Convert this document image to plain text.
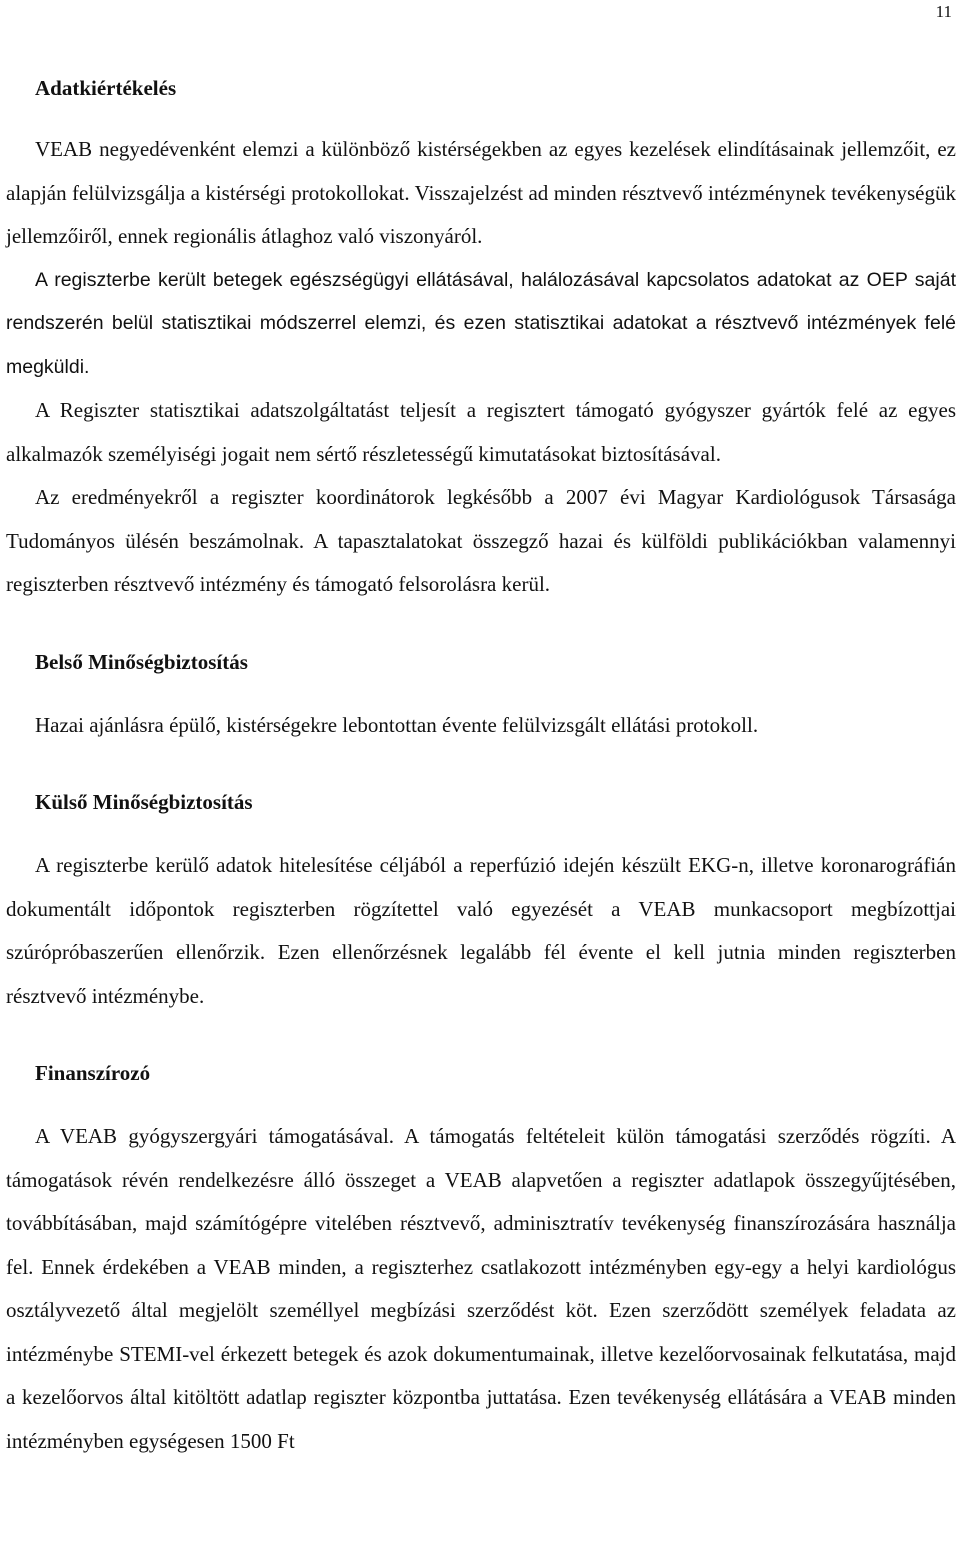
11
Adatkiértékelés

VEAB negyedévenként elemzi a különböző kistérségekben az egyes kezelések elindításainak jellemzőit, ez alapján felülvizsgálja a kistérségi protokollokat. Visszajelzést ad minden résztvevő intézménynek tevékenységük jellemzőiről, ennek regionális átlaghoz való viszonyáról.

A regiszterbe került betegek egészségügyi ellátásával, halálozásával kapcsolatos adatokat az OEP saját rendszerén belül statisztikai módszerrel elemzi, és ezen statisztikai adatokat a résztvevő intézmények felé megküldi.

A Regiszter statisztikai adatszolgáltatást teljesít a regisztert támogató gyógyszer gyártók felé az egyes alkalmazók személyiségi jogait nem sértő részletességű kimutatásokat biztosításával.

Az eredményekről a regiszter koordinátorok legkésőbb a 2007 évi Magyar Kardiológusok Társasága Tudományos ülésén beszámolnak. A tapasztalatokat összegző hazai és külföldi publikációkban valamennyi regiszterben résztvevő intézmény és támogató felsorolásra kerül.

Belső Minőségbiztosítás

Hazai ajánlásra épülő, kistérségekre lebontottan évente felülvizsgált ellátási protokoll.

Külső Minőségbiztosítás

A regiszterbe kerülő adatok hitelesítése céljából a reperfúzió idején készült EKG-n, illetve koronarográfián dokumentált időpontok regiszterben rögzítettel való egyezését a VEAB munkacsoport megbízottjai szúrópróbaszerűen ellenőrzik. Ezen ellenőrzésnek legalább fél évente el kell jutnia minden regiszterben résztvevő intézménybe.

Finanszírozó

A VEAB gyógyszergyári támogatásával. A támogatás feltételeit külön támogatási szerződés rögzíti. A támogatások révén rendelkezésre álló összeget a VEAB alapvetően a regiszter adatlapok összegyűjtésében, továbbításában, majd számítógépre vitelében résztvevő, adminisztratív tevékenység finanszírozására használja fel. Ennek érdekében a VEAB minden, a regiszterhez csatlakozott intézményben egy-egy a helyi kardiológus osztályvezető által megjelölt személlyel megbízási szerződést köt. Ezen szerződött személyek feladata az intézménybe STEMI-vel érkezett betegek és azok dokumentumainak, illetve kezelőorvosainak felkutatása, majd a kezelőorvos által kitöltött adatlap regiszter központba juttatása. Ezen tevékenység ellátására a VEAB minden intézményben egységesen 1500 Ft
